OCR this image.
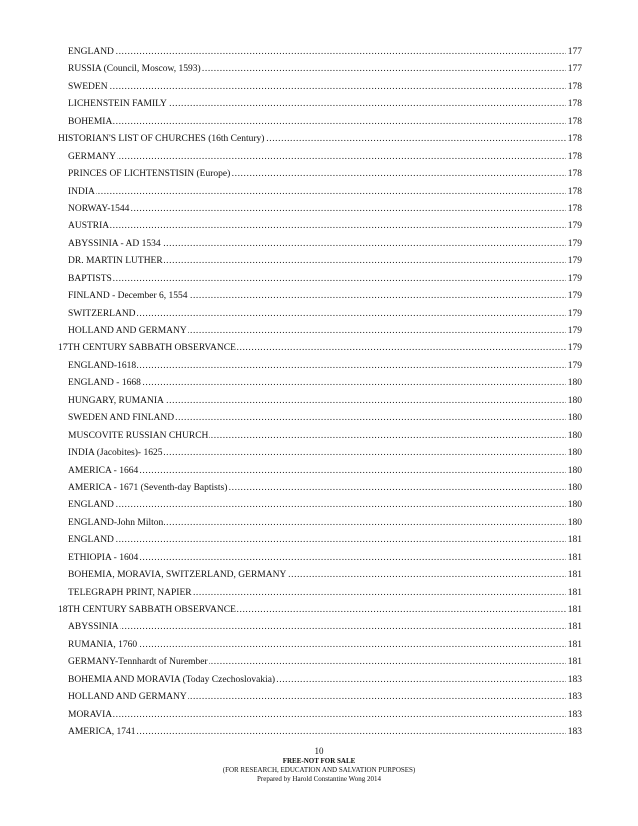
.....
ENGLAND	177
.....
RUSSIA (Council, Moscow, 1593)	177
.....
SWEDEN	178
.....
LICHENSTEIN FAMILY	178
.....
BOHEMIA	178
.....
HISTORIAN'S LIST OF CHURCHES (16th Century)	178
.....
GERMANY	178
.....
PRINCES OF LICHTENSTISIN (Europe)	178
.....
INDIA	178
.....
NORWAY-1544	178
.....
AUSTRIA	179
.....
ABYSSINIA - AD 1534	179
.....
DR. MARTIN LUTHER	179
.....
BAPTISTS	179
.....
FINLAND - December 6, 1554	179
.....
SWITZERLAND	179
.....
HOLLAND AND GERMANY	179
.....
17TH CENTURY SABBATH OBSERVANCE	179
.....
ENGLAND-1618	179
.....
ENGLAND - 1668	180
.....
HUNGARY, RUMANIA	180
.....
SWEDEN AND FINLAND	180
.....
MUSCOVITE RUSSIAN CHURCH	180
.....
INDIA (Jacobites)- 1625	180
.....
AMERICA - 1664	180
.....
AMERICA - 1671 (Seventh-day Baptists)	180
.....
ENGLAND	180
.....
ENGLAND-John Milton	180
.....
ENGLAND	181
.....
ETHIOPIA - 1604	181
.....
BOHEMIA, MORAVIA, SWITZERLAND, GERMANY	181
.....
TELEGRAPH PRINT, NAPIER	181
.....
18TH CENTURY SABBATH OBSERVANCE	181
.....
ABYSSINIA	181
.....
RUMANIA, 1760	181
.....
GERMANY-Tennhardt of Nurember	181
.....
BOHEMIA AND MORAVIA (Today Czechoslovakia)	183
.....
HOLLAND AND GERMANY	183
.....
MORAVIA	183
.....
AMERICA, 1741	183
10
FREE-NOT FOR SALE
(FOR RESEARCH, EDUCATION AND SALVATION PURPOSES)
Prepared by Harold Constantine Wong 2014
